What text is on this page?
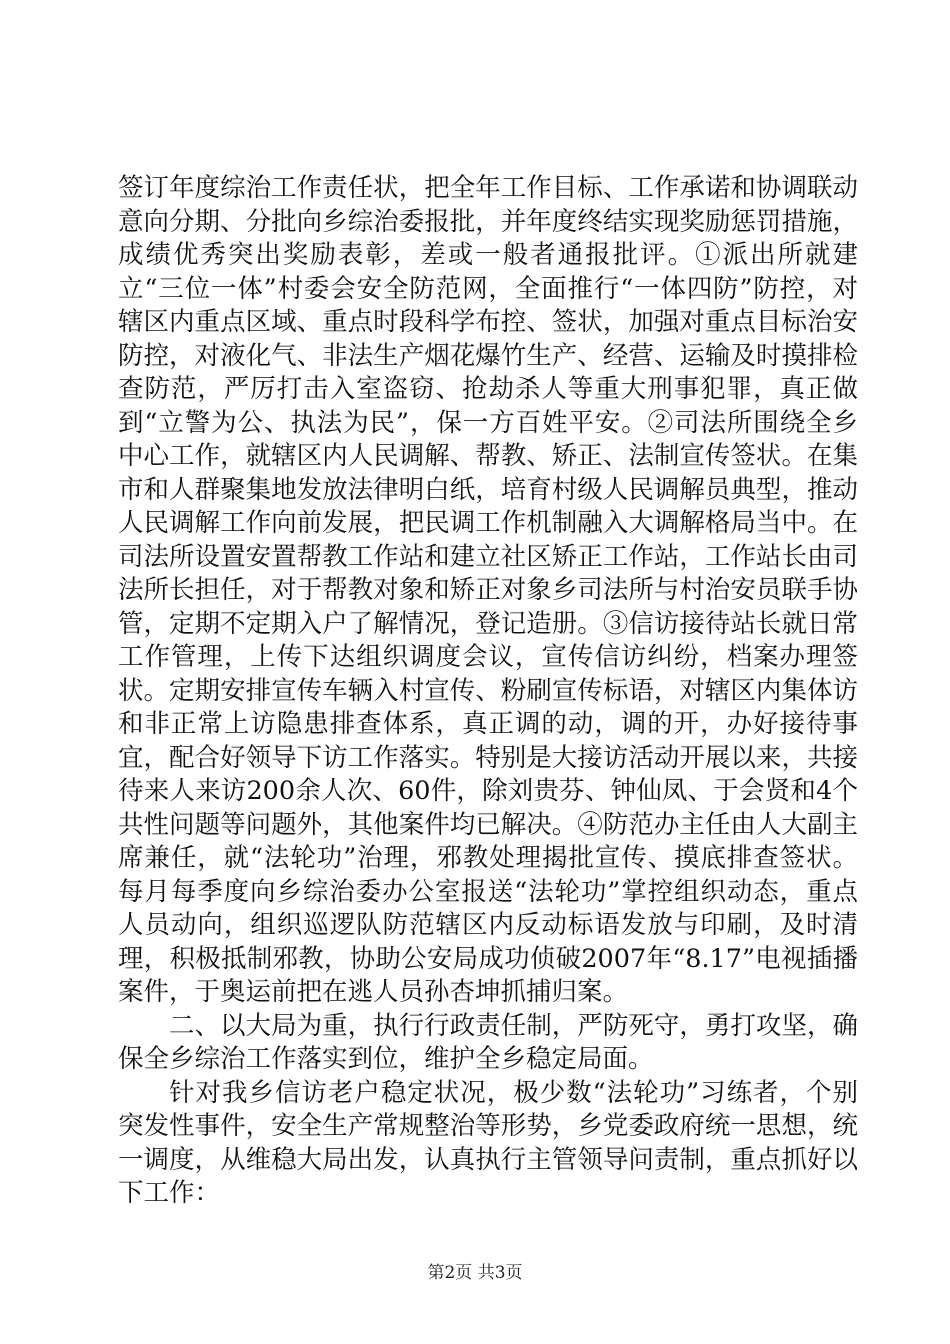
签订年度综治工作责任状，把全年工作目标、工作承诺和协调联动意向分期、分批向乡综治委报批，并年度终结实现奖励惩罚措施，成绩优秀突出奖励表彰，差或一般者通报批评。①派出所就建立“三位一体”村委会安全防范网，全面推行“一体四防”防控，对辖区内重点区域、重点时段科学布控、签状，加强对重点目标治安防控，对液化气、非法生产烟花爆竹生产、经营、运输及时摸排检查防范，严厉打击入室盗窃、抢劫杀人等重大刑事犯罪，真正做到“立警为公、执法为民”，保一方百姓平安。②司法所围绕全乡中心工作，就辖区内人民调解、帮教、矫正、法制宣传签状。在集市和人群聚集地发放法律明白纸，培育村级人民调解员典型，推动人民调解工作向前发展，把民调工作机制融入大调解格局当中。在司法所设置安置帮教工作站和建立社区矫正工作站，工作站长由司法所长担任，对于帮教对象和矫正对象乡司法所与村治安员联手协管，定期不定期入户了解情况，登记造册。③信访接待站长就日常工作管理，上传下达组织调度会议，宣传信访纠纷，档案办理签状。定期安排宣传车辆入村宣传、粉刷宣传标语，对辖区内集体访和非正常上访隐患排查体系，真正调的动，调的开，办好接待事宜，配合好领导下访工作落实。特别是大接访活动开展以来，共接待来人来访200余人次、60件，除刘贵芬、钟仙凤、于会贤和4个共性问题等问题外，其他案件均已解决。④防范办主任由人大副主席兼任，就“法轮功”治理，邪教处理揭批宣传、摸底排查签状。每月每季度向乡综治委办公室报送“法轮功”掌控组织动态，重点人员动向，组织巡逻队防范辖区内反动标语发放与印刷，及时清理，积极抵制邪教，协助公安局成功侦破2007年“8.17”电视插播案件，于奥运前把在逃人员孙杏坤抓捕归案。

二、以大局为重，执行行政责任制，严防死守，勇打攻坚，确保全乡综治工作落实到位，维护全乡稳定局面。

针对我乡信访老户稳定状况，极少数“法轮功”习练者，个别突发性事件，安全生产常规整治等形势，乡党委政府统一思想，统一调度，从维稳大局出发，认真执行主管领导问责制，重点抓好以下工作：

第2页 共3页
